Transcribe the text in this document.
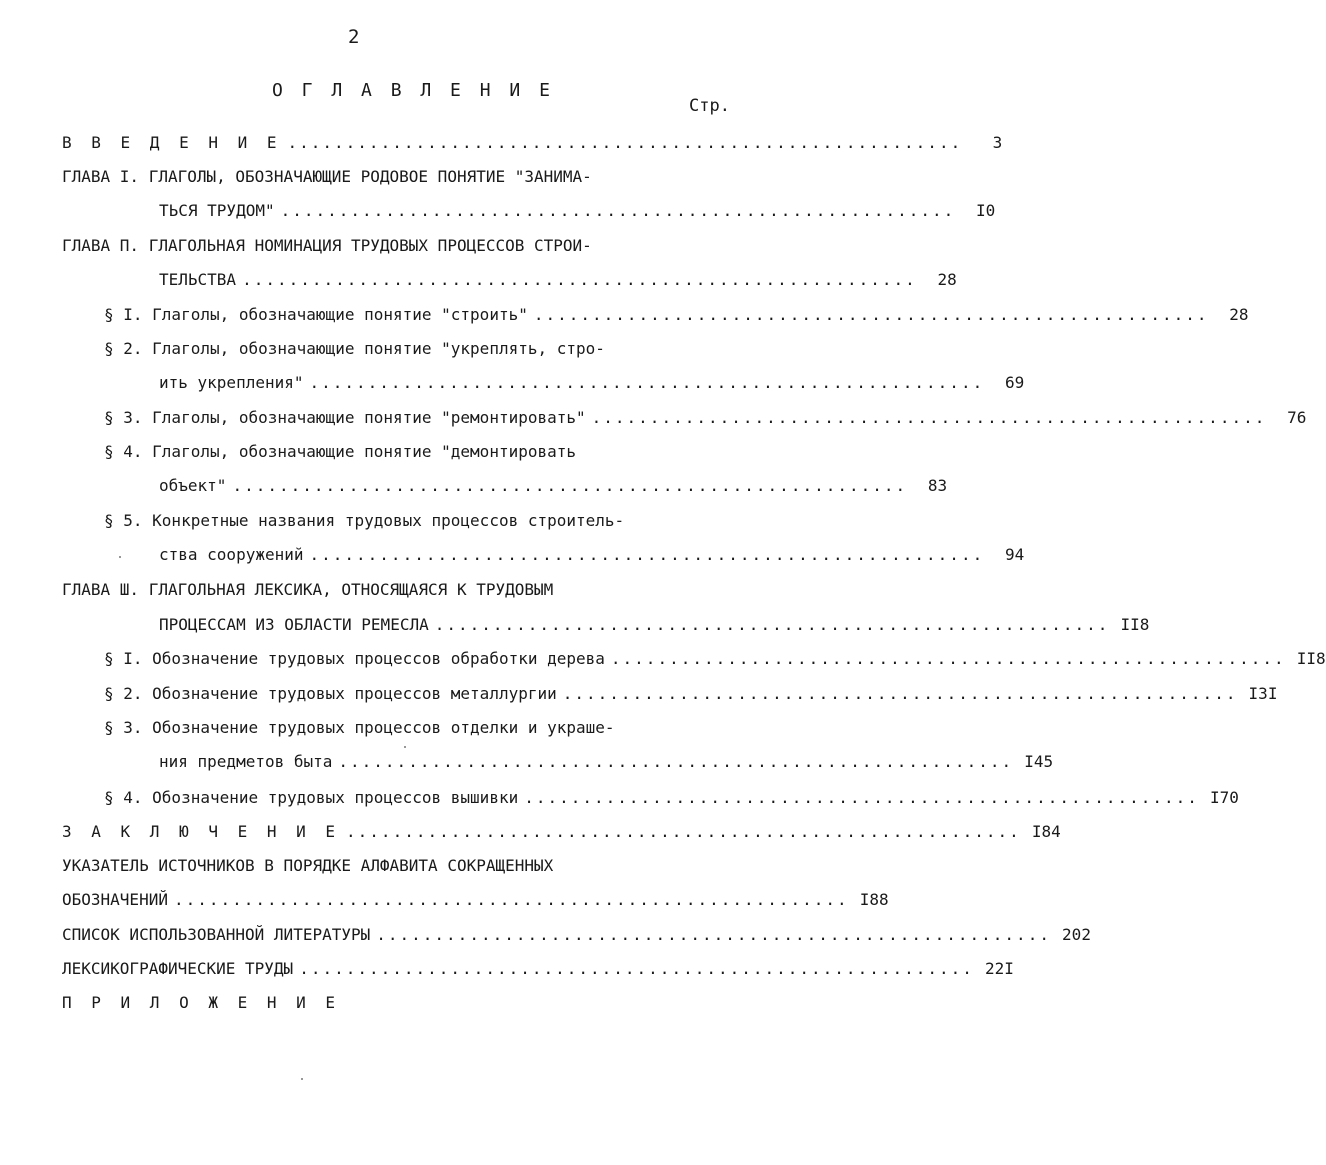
2
О Г Л А В Л Е Н И Е
Стр.
В В Е Д Е Н И Е ..........................................................	3
ГЛАВА I. ГЛАГОЛЫ, ОБОЗНАЧАЮЩИЕ РОДОВОЕ ПОНЯТИЕ "ЗАНИМА-
ТЬСЯ ТРУДОМ" ..........................................................	I0
ГЛАВА П. ГЛАГОЛЬНАЯ НОМИНАЦИЯ ТРУДОВЫХ ПРОЦЕССОВ СТРОИ-
ТЕЛЬСТВА ..........................................................	28
§ I. Глаголы, обозначающие понятие "строить" ..........................................................	28
§ 2. Глаголы, обозначающие понятие "укреплять, стро-
ить укрепления" ..........................................................	69
§ 3. Глаголы, обозначающие понятие "ремонтировать" ..........................................................	76
§ 4. Глаголы, обозначающие понятие "демонтировать
объект" ..........................................................	83
§ 5. Конкретные названия трудовых процессов строитель-
ства сооружений ..........................................................	94
ГЛАВА Ш. ГЛАГОЛЬНАЯ ЛЕКСИКА, ОТНОСЯЩАЯСЯ К ТРУДОВЫМ
ПРОЦЕССАМ ИЗ ОБЛАСТИ РЕМЕСЛА .......................................................... II8
§ I. Обозначение трудовых процессов обработки дерева .......................................................... II8
§ 2. Обозначение трудовых процессов металлургии .......................................................... I3I
§ 3. Обозначение трудовых процессов отделки и украше-
ния предметов быта .......................................................... I45
§ 4. Обозначение трудовых процессов вышивки .......................................................... I70
З А К Л Ю Ч Е Н И Е .......................................................... I84
УКАЗАТЕЛЬ ИСТОЧНИКОВ В ПОРЯДКЕ АЛФАВИТА СОКРАЩЕННЫХ
ОБОЗНАЧЕНИЙ .......................................................... I88
СПИСОК ИСПОЛЬЗОВАННОЙ ЛИТЕРАТУРЫ .......................................................... 202
ЛЕКСИКОГРАФИЧЕСКИЕ ТРУДЫ .......................................................... 22I
П Р И Л О Ж Е Н И Е
